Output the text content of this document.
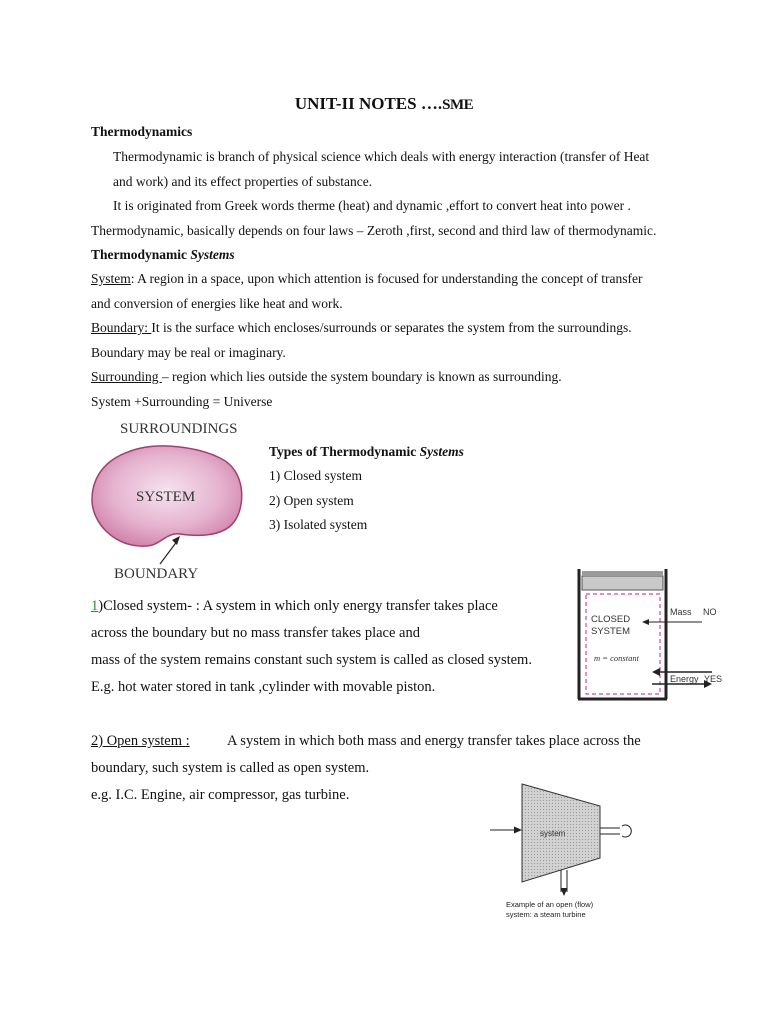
UNIT-II NOTES ….SME
Thermodynamics
Thermodynamic is branch of physical science which deals with energy interaction (transfer of Heat
and work) and its effect properties of substance.
It is originated from Greek words therme (heat) and dynamic ,effort to convert heat into power .
Thermodynamic, basically depends on four laws – Zeroth ,first, second and third law of thermodynamic.
Thermodynamic Systems
System: A region in a space, upon which attention is focused for understanding the concept of transfer
and conversion of energies like heat and work.
Boundary: It is the surface which encloses/surrounds or separates the system from the surroundings.
Boundary may be real or imaginary.
Surrounding – region which lies outside the system boundary is known as surrounding.
System +Surrounding = Universe
SURROUNDINGS
SYSTEM
BOUNDARY
Types of Thermodynamic Systems
1) Closed system
2) Open system
3) Isolated system
1)Closed system- : A system in which only energy transfer takes place
across the boundary but no mass transfer takes place and
mass of the system remains constant such system is called as closed system.
E.g. hot water stored in tank ,cylinder with movable piston.
CLOSED
SYSTEM
m = constant
Mass NO
Energy YES
2) Open system :	A system in which both mass and energy transfer takes place across the
boundary, such system is called as open system.
e.g. I.C. Engine, air compressor, gas turbine.
system
Example of an open (flow)
system: a steam turbine
